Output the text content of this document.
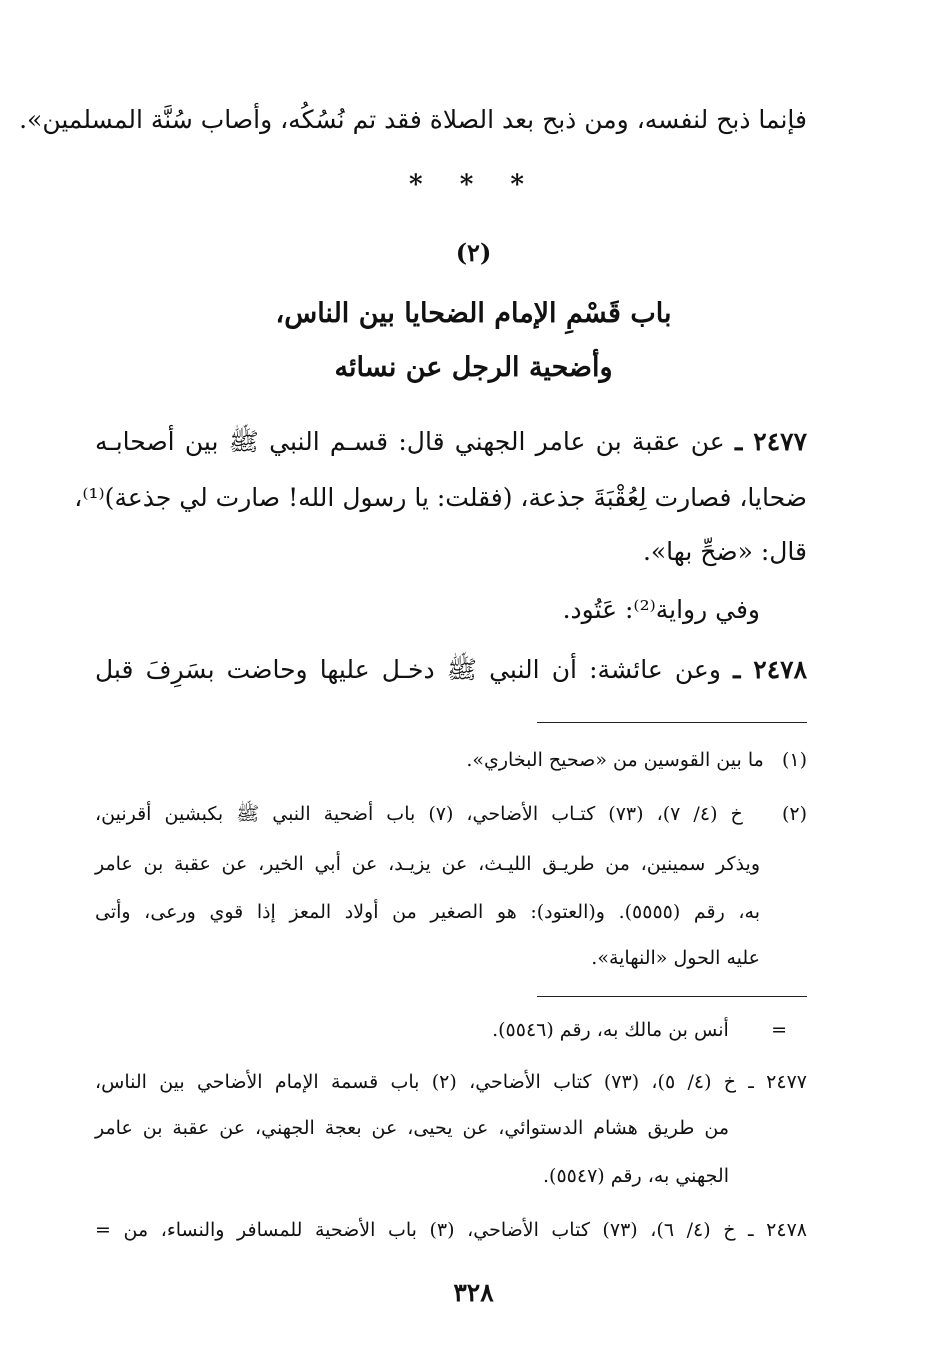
فإنما ذبح لنفسه، ومن ذبح بعد الصلاة فقد تم نُسُكُه، وأصاب سُنَّة المسلمين».
* * *
(٢)
باب قَسْمِ الإمام الضحايا بين الناس،
وأضحية الرجل عن نسائه
٢٤٧٧ ـ عن عقبة بن عامر الجهني قال: قسـم النبي ﷺ بين أصحابـه
ضحايا، فصارت لِعُقْبَةَ جذعة، (فقلت: يا رسول الله! صارت لي جذعة)⁽¹⁾،
قال: «ضحِّ بها».
وفي رواية⁽²⁾: عَتُود.
٢٤٧٨ ـ وعن عائشة: أن النبي ﷺ دخـل عليها وحاضت بسَرِفَ قبل
(١)   ما بين القوسين من «صحيح البخاري».
(٢)   خ (٤/ ٧)، (٧٣) كتـاب الأضاحي، (٧) باب أضحية النبي ﷺ بكبشين أقرنين،
ويذكر سمينين، من طريـق الليـث، عن يزيـد، عن أبي الخير، عن عقبة بن عامر
به، رقم (٥٥٥٥). و(العتود): هو الصغير من أولاد المعز إذا قوي ورعى، وأتى
عليه الحول «النهاية».
=       أنس بن مالك به، رقم (٥٥٤٦).
٢٤٧٧ ـ خ (٤/ ٥)، (٧٣) كتاب الأضاحي، (٢) باب قسمة الإمام الأضاحي بين الناس،
من طريق هشام الدستوائي، عن يحيى، عن بعجة الجهني، عن عقبة بن عامر
الجهني به، رقم (٥٥٤٧).
٢٤٧٨ ـ خ (٤/ ٦)، (٧٣) كتاب الأضاحي، (٣) باب الأضحية للمسافر والنساء، من =
٣٢٨
